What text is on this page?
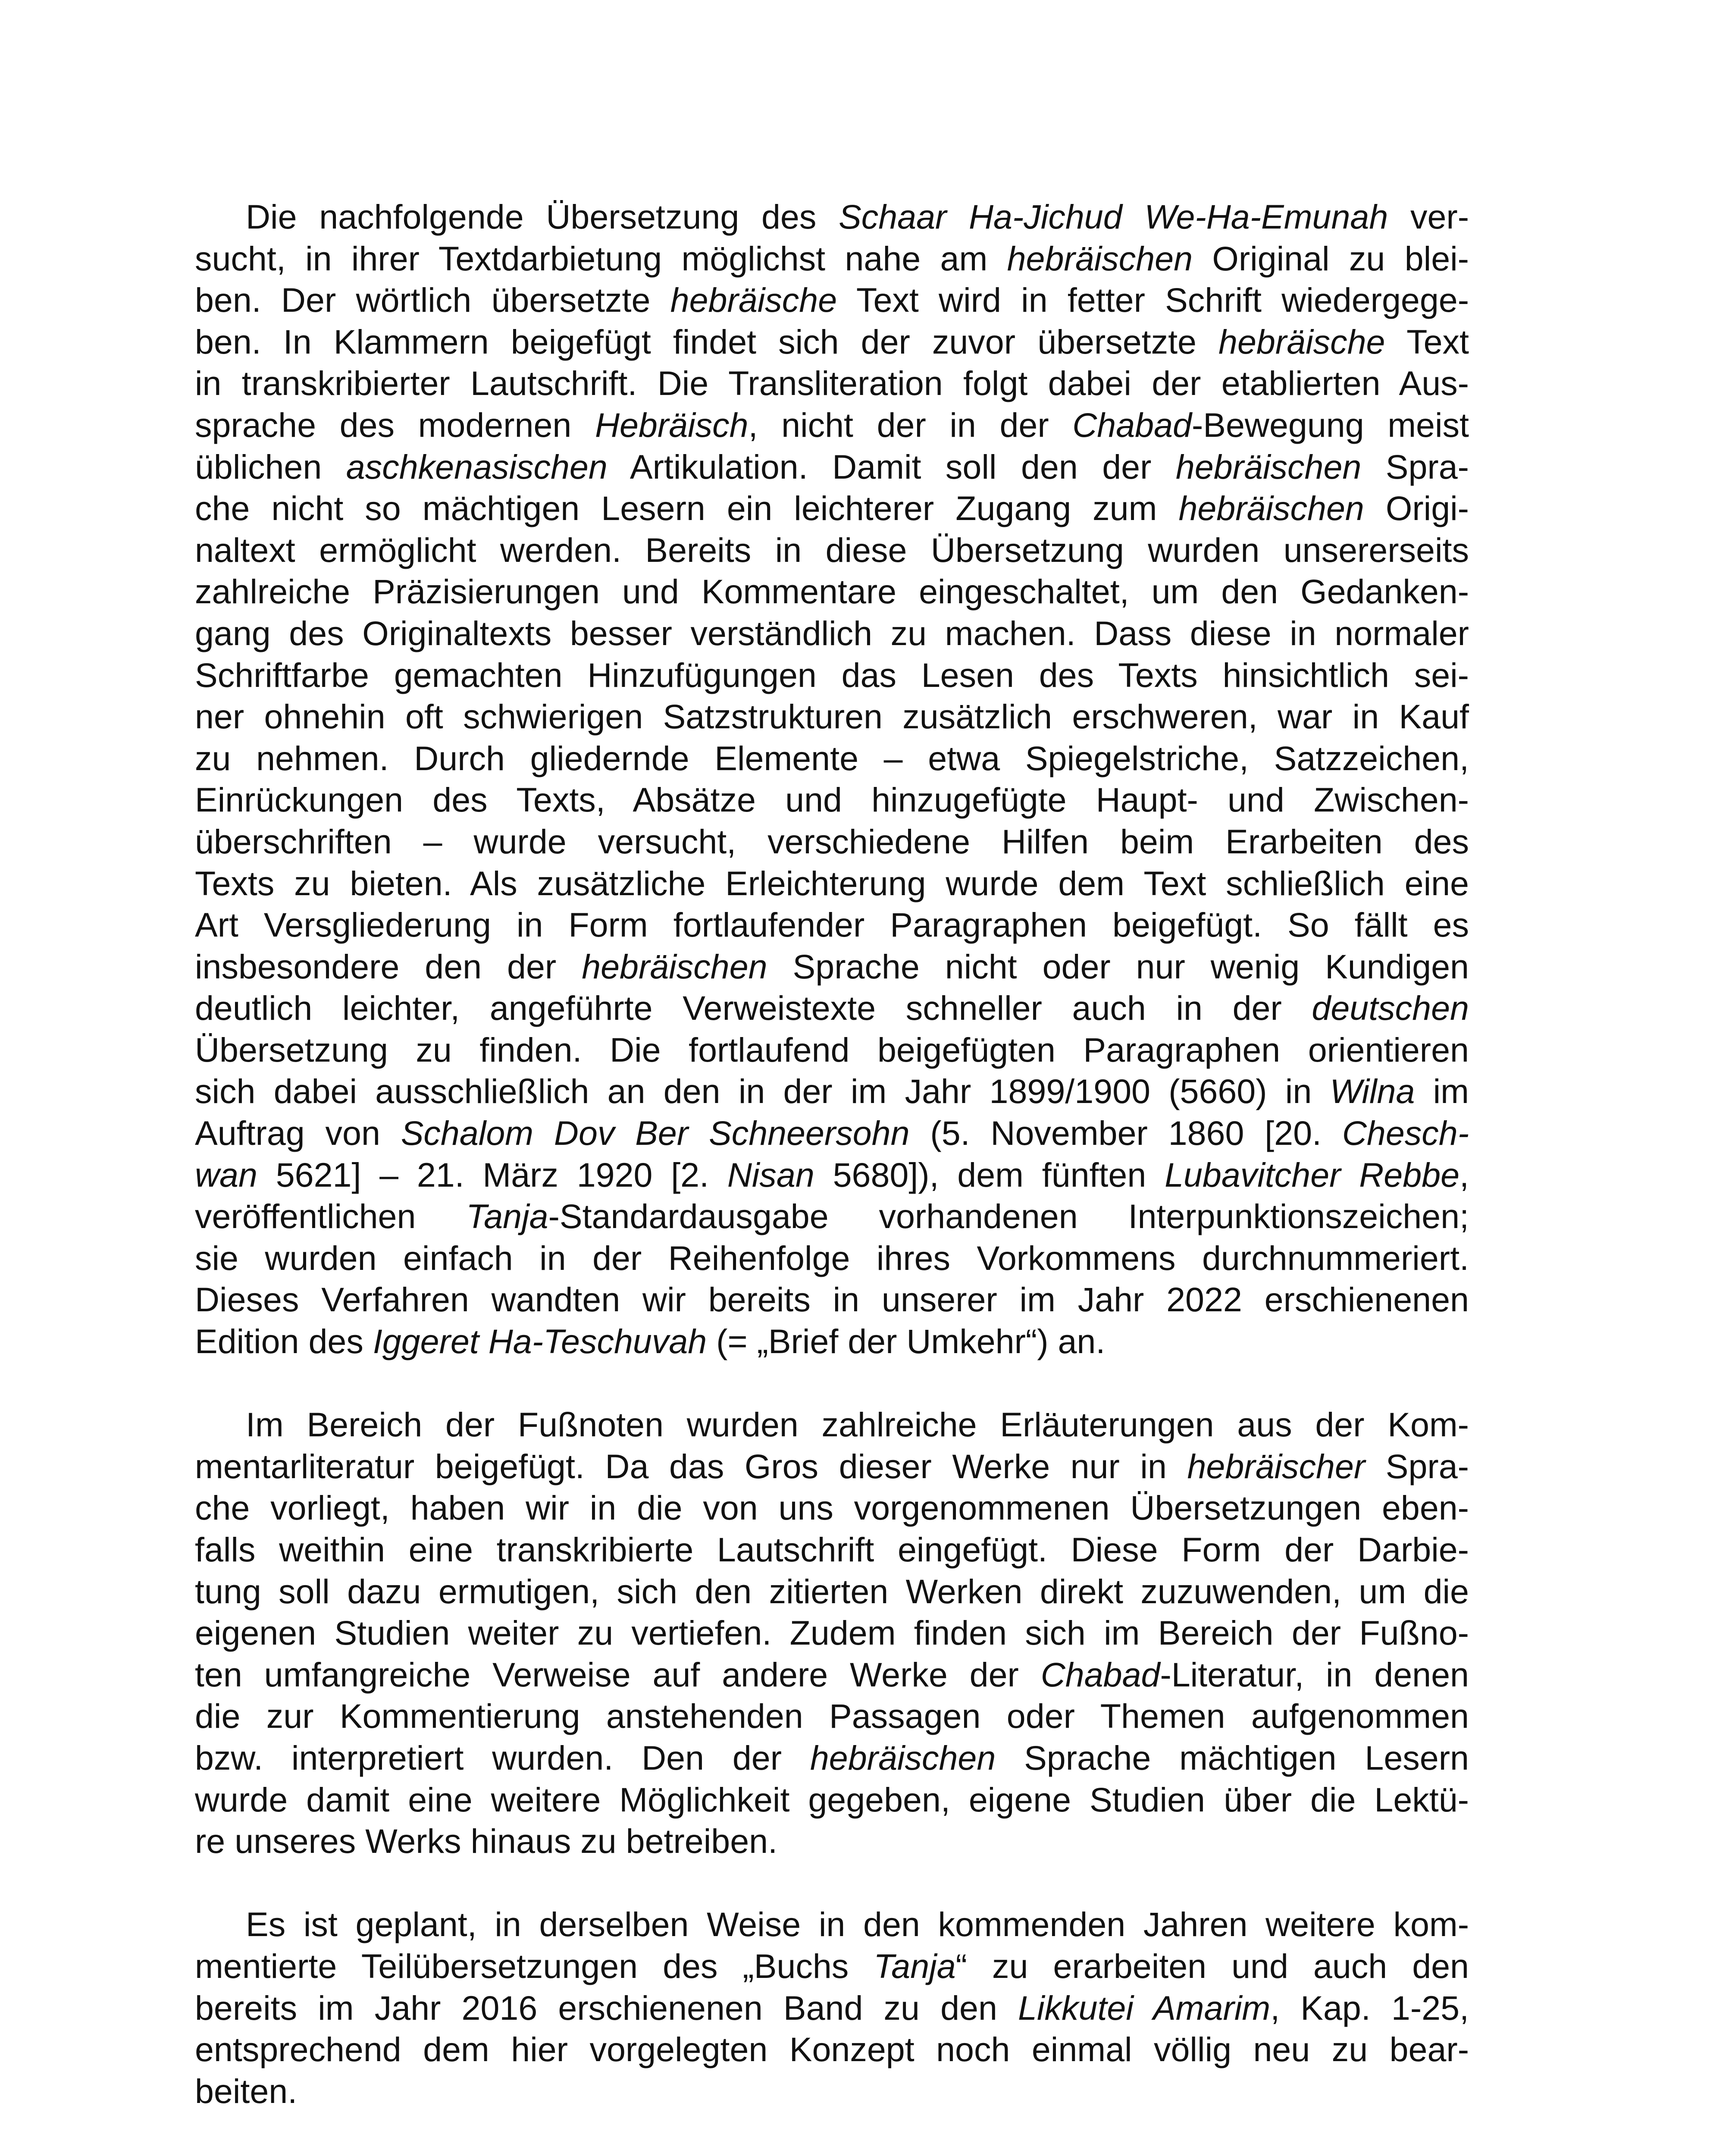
Die nachfolgende Übersetzung des Schaar Ha-Jichud We-Ha-Emunah ver-
sucht, in ihrer Textdarbietung möglichst nahe am hebräischen Original zu blei-
ben. Der wörtlich übersetzte hebräische Text wird in fetter Schrift wiedergege-
ben. In Klammern beigefügt findet sich der zuvor übersetzte hebräische Text
in transkribierter Lautschrift. Die Transliteration folgt dabei der etablierten Aus-
sprache des modernen Hebräisch, nicht der in der Chabad-Bewegung meist
üblichen aschkenasischen Artikulation. Damit soll den der hebräischen Spra-
che nicht so mächtigen Lesern ein leichterer Zugang zum hebräischen Origi-
naltext ermöglicht werden. Bereits in diese Übersetzung wurden unsererseits
zahlreiche Präzisierungen und Kommentare eingeschaltet, um den Gedanken-
gang des Originaltexts besser verständlich zu machen. Dass diese in normaler
Schriftfarbe gemachten Hinzufügungen das Lesen des Texts hinsichtlich sei-
ner ohnehin oft schwierigen Satzstrukturen zusätzlich erschweren, war in Kauf
zu nehmen. Durch gliedernde Elemente – etwa Spiegelstriche, Satzzeichen,
Einrückungen des Texts, Absätze und hinzugefügte Haupt- und Zwischen-
überschriften – wurde versucht, verschiedene Hilfen beim Erarbeiten des
Texts zu bieten. Als zusätzliche Erleichterung wurde dem Text schließlich eine
Art Versgliederung in Form fortlaufender Paragraphen beigefügt. So fällt es
insbesondere den der hebräischen Sprache nicht oder nur wenig Kundigen
deutlich leichter, angeführte Verweistexte schneller auch in der deutschen
Übersetzung zu finden. Die fortlaufend beigefügten Paragraphen orientieren
sich dabei ausschließlich an den in der im Jahr 1899/1900 (5660) in Wilna im
Auftrag von Schalom Dov Ber Schneersohn (5. November 1860 [20. Chesch-
wan 5621] – 21. März 1920 [2. Nisan 5680]), dem fünften Lubavitcher Rebbe,
veröffentlichen Tanja-Standardausgabe vorhandenen Interpunktionszeichen;
sie wurden einfach in der Reihenfolge ihres Vorkommens durchnummeriert.
Dieses Verfahren wandten wir bereits in unserer im Jahr 2022 erschienenen
Edition des Iggeret Ha-Teschuvah (= „Brief der Umkehr“) an.
Im Bereich der Fußnoten wurden zahlreiche Erläuterungen aus der Kom-
mentarliteratur beigefügt. Da das Gros dieser Werke nur in hebräischer Spra-
che vorliegt, haben wir in die von uns vorgenommenen Übersetzungen eben-
falls weithin eine transkribierte Lautschrift eingefügt. Diese Form der Darbie-
tung soll dazu ermutigen, sich den zitierten Werken direkt zuzuwenden, um die
eigenen Studien weiter zu vertiefen. Zudem finden sich im Bereich der Fußno-
ten umfangreiche Verweise auf andere Werke der Chabad-Literatur, in denen
die zur Kommentierung anstehenden Passagen oder Themen aufgenommen
bzw. interpretiert wurden. Den der hebräischen Sprache mächtigen Lesern
wurde damit eine weitere Möglichkeit gegeben, eigene Studien über die Lektü-
re unseres Werks hinaus zu betreiben.
Es ist geplant, in derselben Weise in den kommenden Jahren weitere kom-
mentierte Teilübersetzungen des „Buchs Tanja“ zu erarbeiten und auch den
bereits im Jahr 2016 erschienenen Band zu den Likkutei Amarim, Kap. 1-25,
entsprechend dem hier vorgelegten Konzept noch einmal völlig neu zu bear-
beiten.
